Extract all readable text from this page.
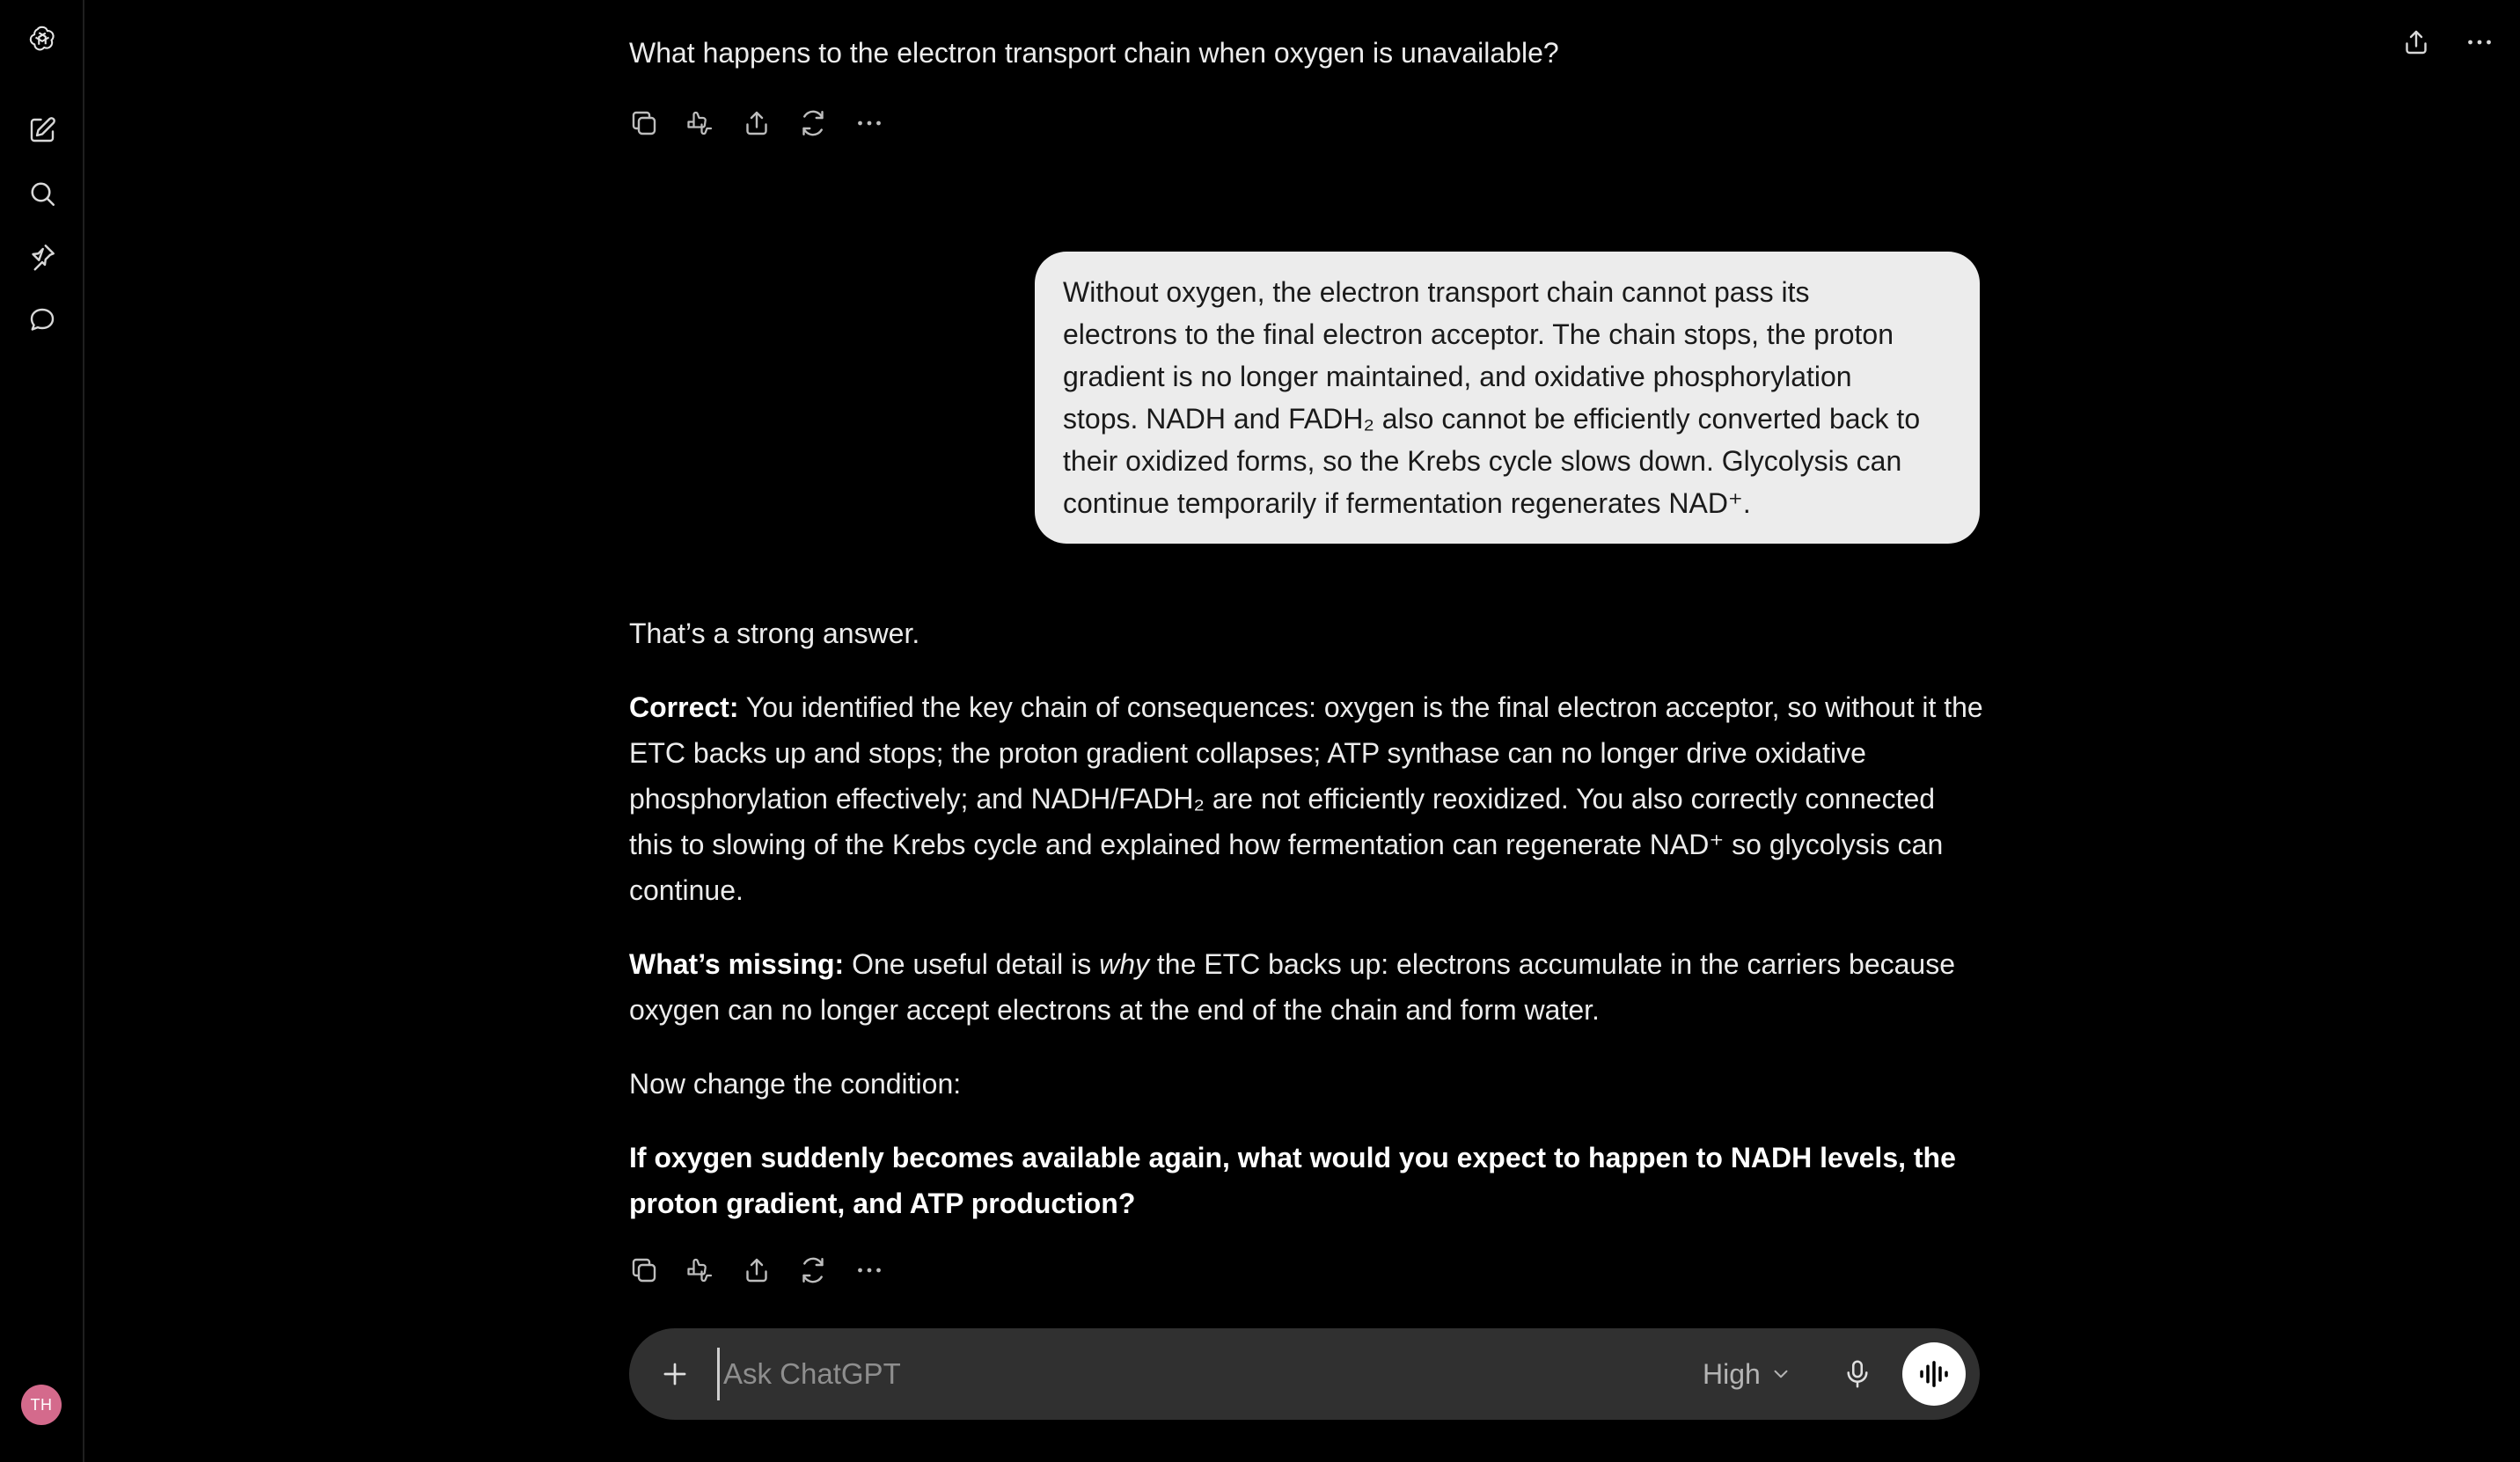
TH
What happens to the electron transport chain when oxygen is unavailable?
Without oxygen, the electron transport chain cannot pass its
electrons to the final electron acceptor. The chain stops, the proton
gradient is no longer maintained, and oxidative phosphorylation
stops. NADH and FADH₂ also cannot be efficiently converted back to
their oxidized forms, so the Krebs cycle slows down. Glycolysis can
continue temporarily if fermentation regenerates NAD⁺.

That’s a strong answer.

Correct: You identified the key chain of consequences: oxygen is the final electron acceptor, so without it the ETC backs up and stops; the proton gradient collapses; ATP synthase can no longer drive oxidative phosphorylation effectively; and NADH/FADH₂ are not efficiently reoxidized. You also correctly connected this to slowing of the Krebs cycle and explained how fermentation can regenerate NAD⁺ so glycolysis can continue.

What’s missing: One useful detail is why the ETC backs up: electrons accumulate in the carriers because oxygen can no longer accept electrons at the end of the chain and form water.

Now change the condition:

If oxygen suddenly becomes available again, what would you expect to happen to NADH levels, the proton gradient, and ATP production?

Ask ChatGPT
High
